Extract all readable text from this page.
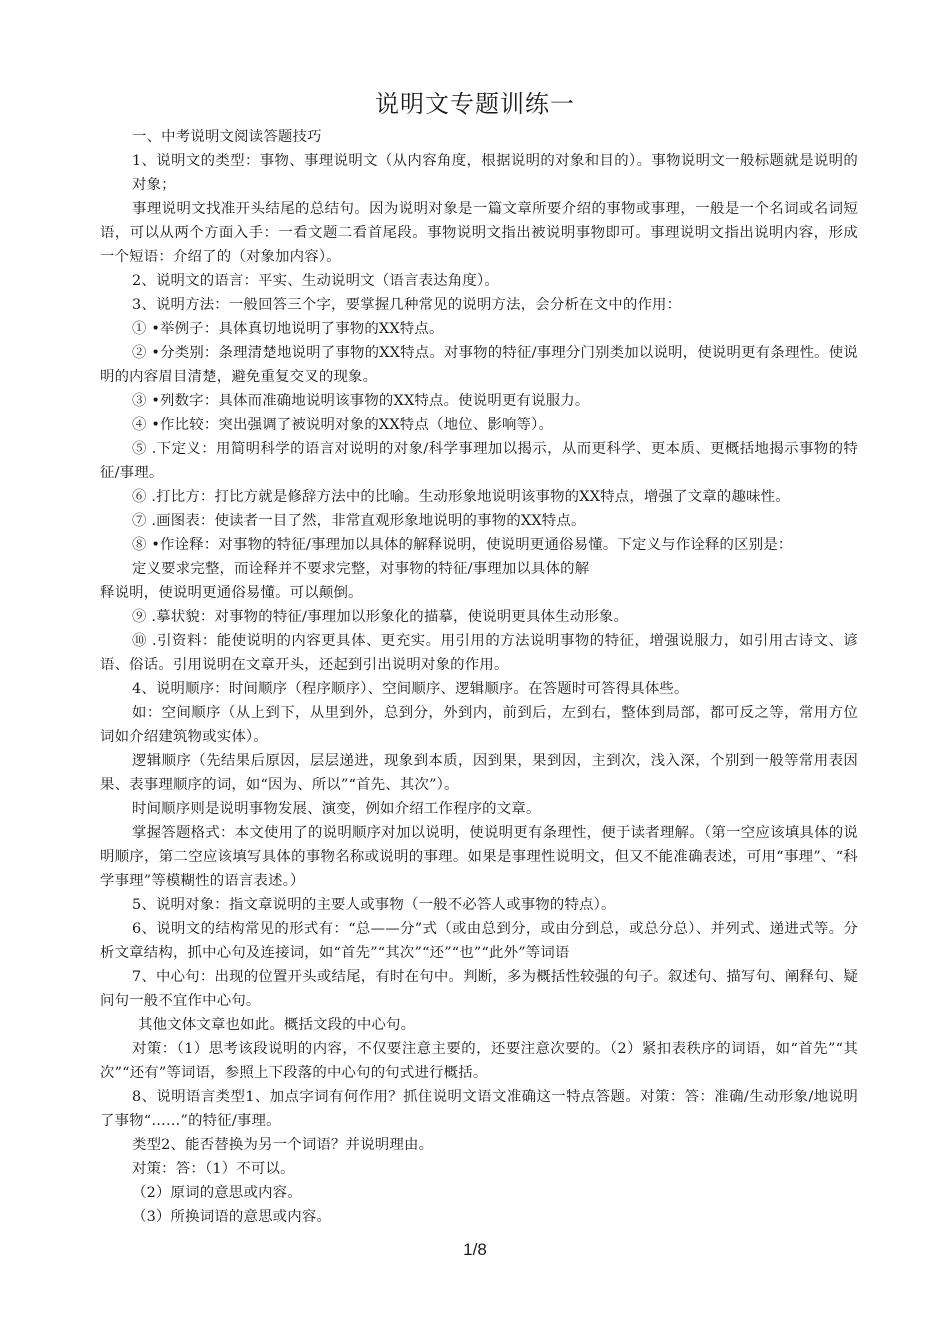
说明文专题训练一

一、中考说明文阅读答题技巧

1、说明文的类型：事物、事理说明文（从内容角度，根据说明的对象和目的）。事物说明文一般标题就是说明的对象；

事理说明文找准开头结尾的总结句。因为说明对象是一篇文章所要介绍的事物或事理，一般是一个名词或名词短语，可以从两个方面入手：一看文题二看首尾段。事物说明文指出被说明事物即可。事理说明文指出说明内容，形成一个短语：介绍了的（对象加内容）。

2、说明文的语言：平实、生动说明文（语言表达角度）。

3、说明方法：一般回答三个字，要掌握几种常见的说明方法，会分析在文中的作用：

① •举例子：具体真切地说明了事物的XX特点。

② •分类别：条理清楚地说明了事物的XX特点。对事物的特征/事理分门别类加以说明，使说明更有条理性。使说明的内容眉目清楚，避免重复交叉的现象。

③ •列数字：具体而准确地说明该事物的XX特点。使说明更有说服力。

④ •作比较：突出强调了被说明对象的XX特点（地位、影响等）。

⑤ .下定义：用简明科学的语言对说明的对象/科学事理加以揭示，从而更科学、更本质、更概括地揭示事物的特征/事理。

⑥ .打比方：打比方就是修辞方法中的比喻。生动形象地说明该事物的XX特点，增强了文章的趣味性。

⑦ .画图表：使读者一目了然，非常直观形象地说明的事物的XX特点。

⑧ •作诠释：对事物的特征/事理加以具体的解释说明，使说明更通俗易懂。下定义与作诠释的区别是：

定义要求完整，而诠释并不要求完整，对事物的特征/事理加以具体的解

释说明，使说明更通俗易懂。可以颠倒。

⑨ .摹状貌：对事物的特征/事理加以形象化的描摹，使说明更具体生动形象。

⑩ .引资料：能使说明的内容更具体、更充实。用引用的方法说明事物的特征，增强说服力，如引用古诗文、谚语、俗话。引用说明在文章开头，还起到引出说明对象的作用。

4、说明顺序：时间顺序（程序顺序）、空间顺序、逻辑顺序。在答题时可答得具体些。

如：空间顺序（从上到下，从里到外，总到分，外到内，前到后，左到右，整体到局部，都可反之等，常用方位词如介绍建筑物或实体）。

逻辑顺序（先结果后原因，层层递进，现象到本质，因到果，果到因，主到次，浅入深，个别到一般等常用表因果、表事理顺序的词，如“因为、所以”“首先、其次”）。

时间顺序则是说明事物发展、演变，例如介绍工作程序的文章。

掌握答题格式：本文使用了的说明顺序对加以说明，使说明更有条理性，便于读者理解。（第一空应该填具体的说明顺序，第二空应该填写具体的事物名称或说明的事理。如果是事理性说明文，但又不能准确表述，可用“事理”、“科学事理”等模糊性的语言表述。）

5、说明对象：指文章说明的主要人或事物（一般不必答人或事物的特点）。

6、说明文的结构常见的形式有：“总——分”式（或由总到分，或由分到总，或总分总）、并列式、递进式等。分析文章结构，抓中心句及连接词，如“首先”“其次”“还”“也”“此外”等词语

7、中心句：出现的位置开头或结尾，有时在句中。判断，多为概括性较强的句子。叙述句、描写句、阐释句、疑问句一般不宜作中心句。

其他文体文章也如此。概括文段的中心句。

对策：（1）思考该段说明的内容，不仅要注意主要的，还要注意次要的。（2）紧扣表秩序的词语，如“首先”“其次”“还有”等词语，参照上下段落的中心句的句式进行概括。

8、说明语言类型1、加点字词有何作用？抓住说明文语文准确这一特点答题。对策：答：准确/生动形象/地说明了事物“……”的特征/事理。

类型2、能否替换为另一个词语？并说明理由。

对策：答：（1）不可以。

（2）原词的意思或内容。

（3）所换词语的意思或内容。

1/8
